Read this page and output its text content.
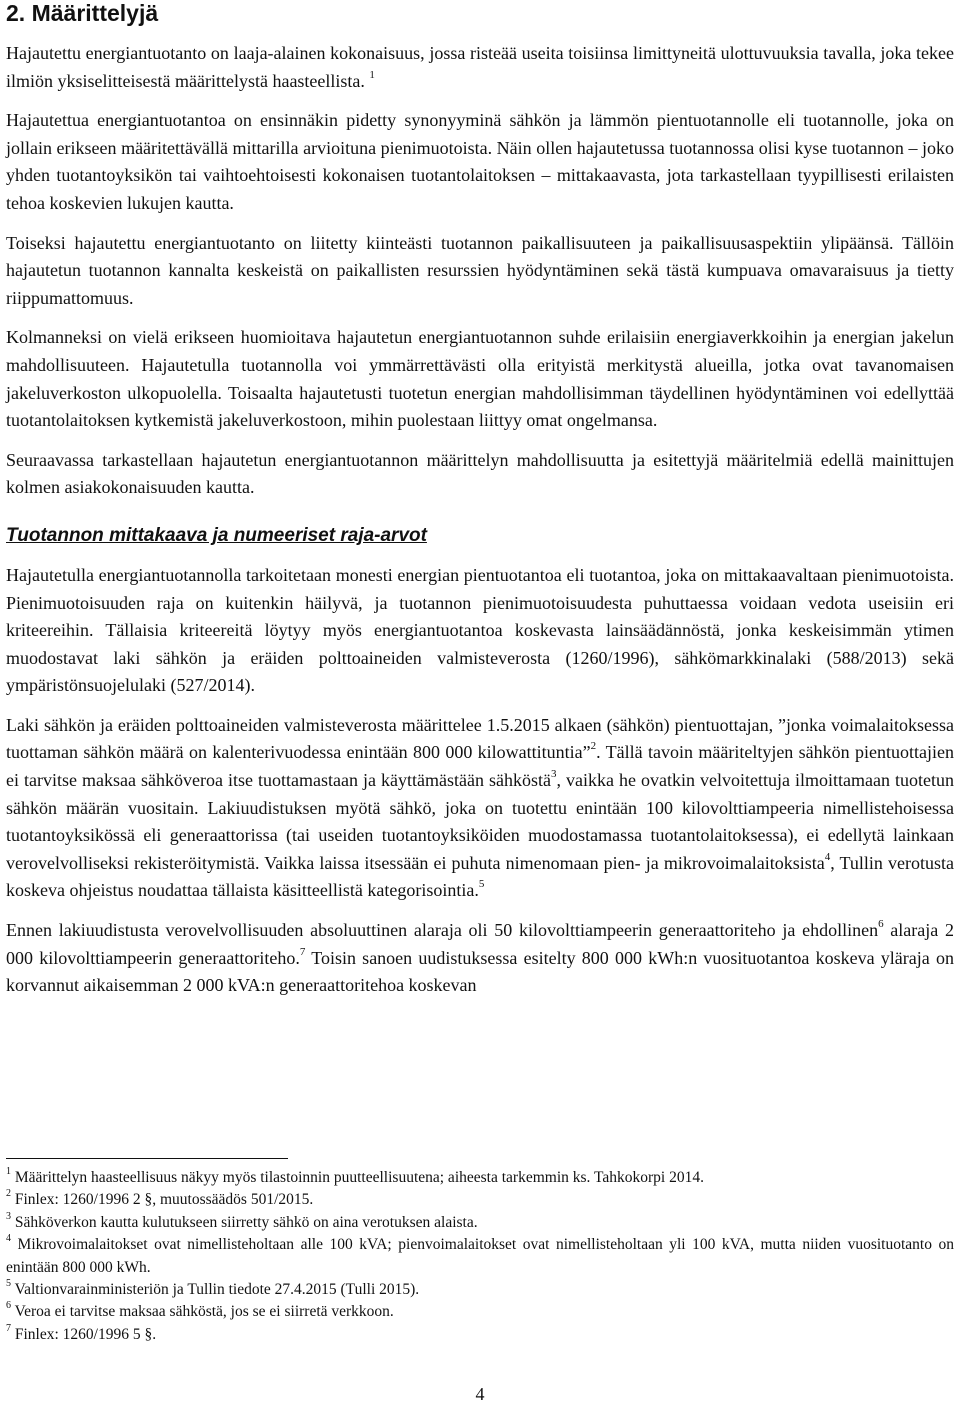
2. Määrittelyjä

Hajautettu energiantuotanto on laaja-alainen kokonaisuus, jossa risteää useita toisiinsa limittyneitä ulottuvuuksia tavalla, joka tekee ilmiön yksiselitteisestä määrittelystä haasteellista. $^1$

Hajautettua energiantuotantoa on ensinnäkin pidetty synonyyminä sähkön ja lämmön pientuotannolle eli tuotannolle, joka on jollain erikseen määritettävällä mittarilla arvioituna pienimuotoista. Näin ollen hajautetussa tuotannossa olisi kyse tuotannon – joko yhden tuotantoyksikön tai vaihtoehtoisesti kokonaisen tuotantolaitoksen – mittakaavasta, jota tarkastellaan tyypillisesti erilaisten tehoa koskevien lukujen kautta.

Toiseksi hajautettu energiantuotanto on liitetty kiinteästi tuotannon paikallisuuteen ja paikallisuusaspektiin ylipäänsä. Tällöin hajautetun tuotannon kannalta keskeistä on paikallisten resurssien hyödyntäminen sekä tästä kumpuava omavaraisuus ja tietty riippumattomuus.

Kolmanneksi on vielä erikseen huomioitava hajautetun energiantuotannon suhde erilaisiin energiaverkkoihin ja energian jakelun mahdollisuuteen. Hajautetulla tuotannolla voi ymmärrettävästi olla erityistä merkitystä alueilla, jotka ovat tavanomaisen jakeluverkoston ulkopuolella. Toisaalta hajautetusti tuotetun energian mahdollisimman täydellinen hyödyntäminen voi edellyttää tuotantolaitoksen kytkemistä jakeluverkostoon, mihin puolestaan liittyy omat ongelmansa.

Seuraavassa tarkastellaan hajautetun energiantuotannon määrittelyn mahdollisuutta ja esitettyjä määritelmiä edellä mainittujen kolmen asiakokonaisuuden kautta.

Tuotannon mittakaava ja numeeriset raja-arvot

Hajautetulla energiantuotannolla tarkoitetaan monesti energian pientuotantoa eli tuotantoa, joka on mittakaavaltaan pienimuotoista. Pienimuotoisuuden raja on kuitenkin häilyvä, ja tuotannon pienimuotoisuudesta puhuttaessa voidaan vedota useisiin eri kriteereihin. Tällaisia kriteereitä löytyy myös energiantuotantoa koskevasta lainsäädännöstä, jonka keskeisimmän ytimen muodostavat laki sähkön ja eräiden polttoaineiden valmisteverosta (1260/1996), sähkömarkkinalaki (588/2013) sekä ympäristönsuojelulaki (527/2014).

Laki sähkön ja eräiden polttoaineiden valmisteverosta määrittelee 1.5.2015 alkaen (sähkön) pientuottajan, ”jonka voimalaitoksessa tuottaman sähkön määrä on kalenterivuodessa enintään 800 000 kilowattituntia”$^2$. Tällä tavoin määriteltyjen sähkön pientuottajien ei tarvitse maksaa sähköveroa itse tuottamastaan ja käyttämästään sähköstä$^3$, vaikka he ovatkin velvoitettuja ilmoittamaan tuotetun sähkön määrän vuositain. Lakiuudistuksen myötä sähkö, joka on tuotettu enintään 100 kilovolttiampeeria nimellistehoisessa tuotantoyksikössä eli generaattorissa (tai useiden tuotantoyksiköiden muodostamassa tuotantolaitoksessa), ei edellytä lainkaan verovelvolliseksi rekisteröitymistä. Vaikka laissa itsessään ei puhuta nimenomaan pien- ja mikrovoimalaitoksista$^4$, Tullin verotusta koskeva ohjeistus noudattaa tällaista käsitteellistä kategorisointia.$^5$

Ennen lakiuudistusta verovelvollisuuden absoluuttinen alaraja oli 50 kilovolttiampeerin generaattoriteho ja ehdollinen$^6$ alaraja 2 000 kilovolttiampeerin generaattoriteho.$^7$ Toisin sanoen uudistuksessa esitelty 800 000 kWh:n vuosituotantoa koskeva yläraja on korvannut aikaisemman 2 000 kVA:n generaattoritehoa koskevan

$^1$ Määrittelyn haasteellisuus näkyy myös tilastoinnin puutteellisuutena; aiheesta tarkemmin ks. Tahkokorpi 2014.

$^2$ Finlex: 1260/1996 2 §, muutossäädös 501/2015.

$^3$ Sähköverkon kautta kulutukseen siirretty sähkö on aina verotuksen alaista.

$^4$ Mikrovoimalaitokset ovat nimellisteholtaan alle 100 kVA; pienvoimalaitokset ovat nimellisteholtaan yli 100 kVA, mutta niiden vuosituotanto on enintään 800 000 kWh.

$^5$ Valtionvarainministeriön ja Tullin tiedote 27.4.2015 (Tulli 2015).

$^6$ Veroa ei tarvitse maksaa sähköstä, jos se ei siirretä verkkoon.

$^7$ Finlex: 1260/1996 5 §.

4
